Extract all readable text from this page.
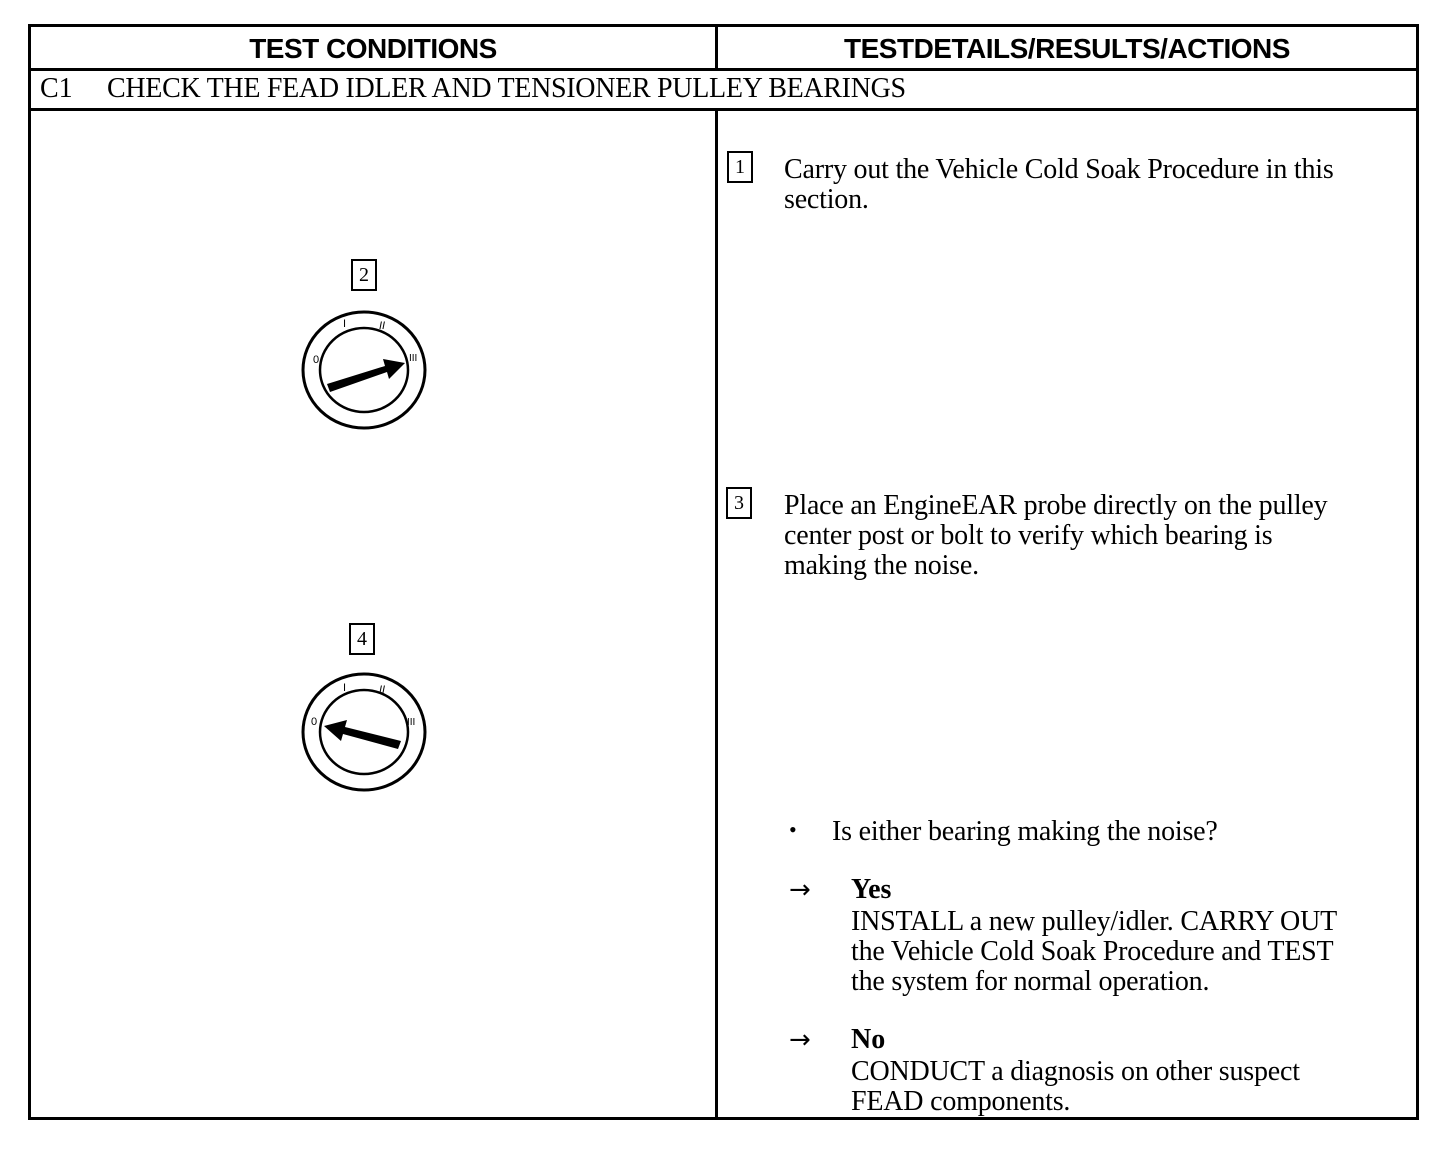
TEST CONDITIONS	TESTDETAILS/RESULTS/ACTIONS
C1 CHECK THE FEAD IDLER AND TENSIONER PULLEY BEARINGS
2
0
I	II
III
4
0
I	II
III
1 Carry out the Vehicle Cold Soak Procedure in this
section.
3 Place an EngineEAR probe directly on the pulley
center post or bolt to verify which bearing is
making the noise.
• Is either bearing making the noise?
→ Yes
INSTALL a new pulley/idler. CARRY OUT
the Vehicle Cold Soak Procedure and TEST
the system for normal operation.
→ No
CONDUCT a diagnosis on other suspect
FEAD components.
